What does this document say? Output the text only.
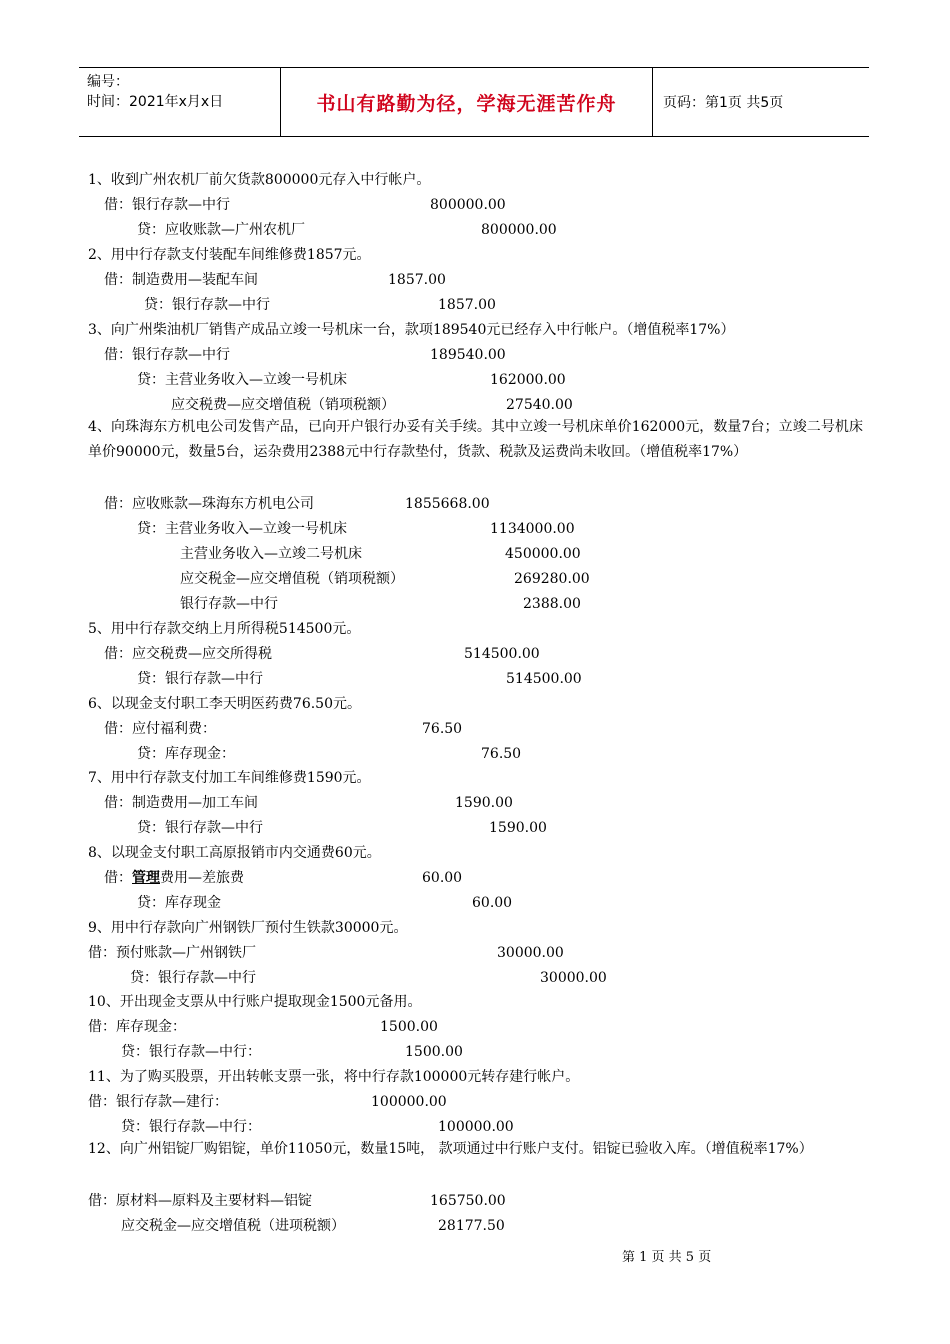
编号：
时间：2021年x月x日	书山有路勤为径，学海无涯苦作舟	页码：第1页 共5页
1、收到广州农机厂前欠货款800000元存入中行帐户。
借：银行存款—中行	800000.00
贷：应收账款—广州农机厂	800000.00
2、用中行存款支付装配车间维修费1857元。
借：制造费用—装配车间	1857.00
贷：银行存款—中行	1857.00
3、向广州柴油机厂销售产成品立竣一号机床一台，款项189540元已经存入中行帐户。（增值税率17%）
借：银行存款—中行	189540.00
贷：主营业务收入—立竣一号机床	162000.00
应交税费—应交增值税（销项税额）	27540.00
4、向珠海东方机电公司发售产品，已向开户银行办妥有关手续。其中立竣一号机床单价162000元，数量7台；立竣二号机床单价90000元，数量5台，运杂费用2388元中行存款垫付，货款、税款及运费尚未收回。（增值税率17%）
借：应收账款—珠海东方机电公司	1855668.00
贷：主营业务收入—立竣一号机床	1134000.00
主营业务收入—立竣二号机床	450000.00
应交税金—应交增值税（销项税额）	269280.00
银行存款—中行	2388.00
5、用中行存款交纳上月所得税514500元。
借：应交税费—应交所得税	514500.00
贷：银行存款—中行	514500.00
6、以现金支付职工李天明医药费76.50元。
借：应付福利费：	76.50
贷：库存现金：	76.50
7、用中行存款支付加工车间维修费1590元。
借：制造费用—加工车间	1590.00
贷：银行存款—中行	1590.00
8、以现金支付职工高原报销市内交通费60元。
借：管理费用—差旅费	60.00
贷：库存现金	60.00
9、用中行存款向广州钢铁厂预付生铁款30000元。
借：预付账款—广州钢铁厂	30000.00
贷：银行存款—中行	30000.00
10、开出现金支票从中行账户提取现金1500元备用。
借：库存现金：	1500.00
贷：银行存款—中行：	1500.00
11、为了购买股票，开出转帐支票一张，将中行存款100000元转存建行帐户。
借：银行存款—建行：	100000.00
贷：银行存款—中行：	100000.00
12、向广州铝锭厂购铝锭，单价11050元，数量15吨， 款项通过中行账户支付。铝锭已验收入库。（增值税率17%）
借：原材料—原料及主要材料—铝锭	165750.00
应交税金—应交增值税（进项税额）	28177.50
第 1 页 共 5 页
